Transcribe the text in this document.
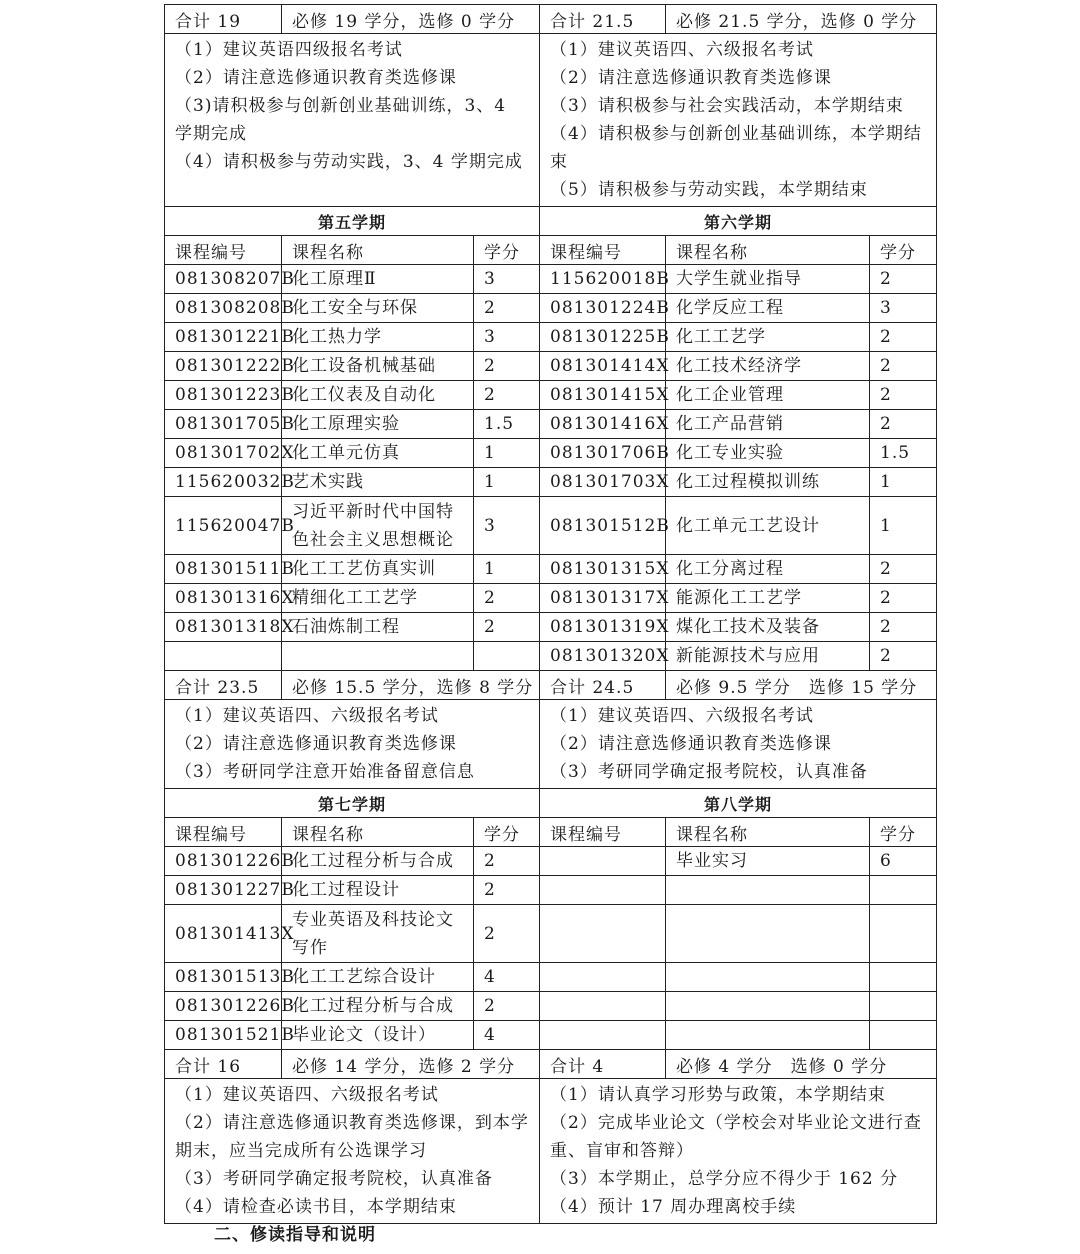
合计 19	必修 19 学分，选修 0 学分		合计 21.5	必修 21.5 学分，选修 0 学分	

（1）建议英语四级报名考试
（2）请注意选修通识教育类选修课
（3)请积极参与创新创业基础训练，3、4 学期完成
（4）请积极参与劳动实践，3、4 学期完成			（1）建议英语四、六级报名考试
（2）请注意选修通识教育类选修课
（3）请积极参与社会实践活动，本学期结束
（4）请积极参与创新创业基础训练，本学期结束
（5）请积极参与劳动实践，本学期结束		

第五学期			第六学期		
课程编号	课程名称	学分	课程编号	课程名称	学分
081308207B	化工原理Ⅱ	3	115620018B	大学生就业指导	2
081308208B	化工安全与环保	2	081301224B	化学反应工程	3
081301221B	化工热力学	3	081301225B	化工工艺学	2
081301222B	化工设备机械基础	2	081301414X	化工技术经济学	2
081301223B	化工仪表及自动化	2	081301415X	化工企业管理	2
081301705B	化工原理实验	1.5	081301416X	化工产品营销	2
081301702X	化工单元仿真	1	081301706B	化工专业实验	1.5
115620032B	艺术实践	1	081301703X	化工过程模拟训练	1
115620047B	习近平新时代中国特色社会主义思想概论	3	081301512B	化工单元工艺设计	1
081301511B	化工工艺仿真实训	1	081301315X	化工分离过程	2
081301316X	精细化工工艺学	2	081301317X	能源化工工艺学	2
081301318X	石油炼制工程	2	081301319X	煤化工技术及装备	2
			081301320X	新能源技术与应用	2
合计 23.5	必修 15.5 学分，选修 8 学分		合计 24.5	必修 9.5 学分　选修 15 学分	

（1）建议英语四、六级报名考试
（2）请注意选修通识教育类选修课
（3）考研同学注意开始准备留意信息			（1）建议英语四、六级报名考试
（2）请注意选修通识教育类选修课
（3）考研同学确定报考院校，认真准备		

第七学期			第八学期		
课程编号	课程名称	学分	课程编号	课程名称	学分
081301226B	化工过程分析与合成	2		毕业实习	6
081301227B	化工过程设计	2			
081301413X	专业英语及科技论文写作	2			
081301513B	化工工艺综合设计	4			
081301226B	化工过程分析与合成	2			
081301521B	毕业论文（设计）	4			
合计 16	必修 14 学分，选修 2 学分		合计 4	必修 4 学分　选修 0 学分	

（1）建议英语四、六级报名考试
（2）请注意选修通识教育类选修课，到本学期末，应当完成所有公选课学习
（3）考研同学确定报考院校，认真准备
（4）请检查必读书目，本学期结束			（1）请认真学习形势与政策，本学期结束
（2）完成毕业论文（学校会对毕业论文进行查重、盲审和答辩）
（3）本学期止，总学分应不得少于 162 分
（4）预计 17 周办理离校手续		
二、修读指导和说明
